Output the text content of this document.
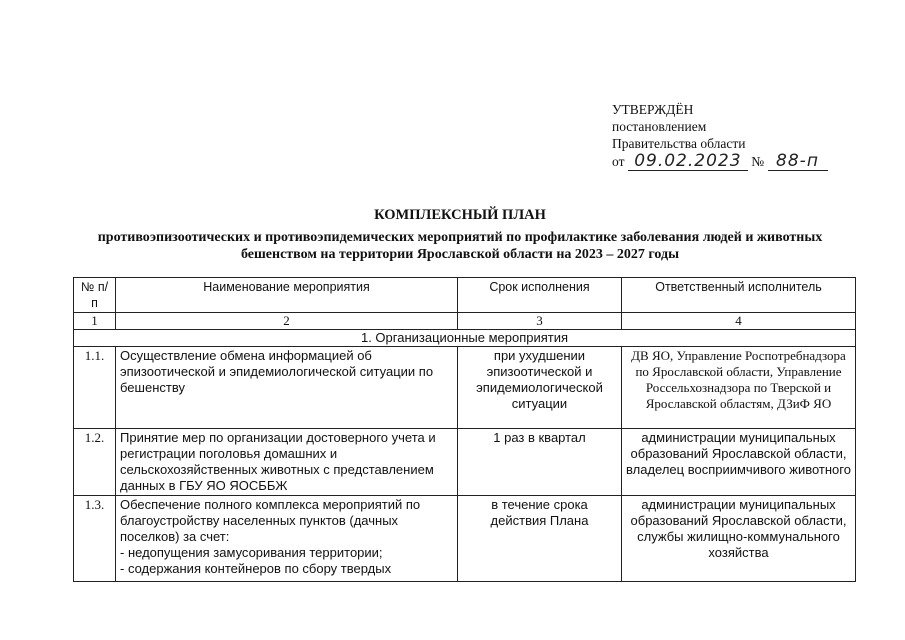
УТВЕРЖДЁН
постановлением
Правительства области
от 09.02.2023 № 88-п
КОМПЛЕКСНЫЙ ПЛАН
противоэпизоотических и противоэпидемических мероприятий по профилактике заболевания людей и животных
бешенством на территории Ярославской области на 2023 – 2027 годы
№ п/п	Наименование мероприятия	Срок исполнения	Ответственный исполнитель
1	2	3	4
1. Организационные мероприятия			
1.1.	Осуществление обмена информацией об эпизоотической и эпидемиологической ситуации по бешенству	при ухудшении эпизоотической и эпидемиологической ситуации	ДВ ЯО, Управление Роспотребнадзора по Ярославской области, Управление Россельхознадзора по Тверской и Ярославской областям, ДЗиФ ЯО
1.2.	Принятие мер по организации достоверного учета и регистрации поголовья домашних и сельскохозяйственных животных с представлением данных в ГБУ ЯО ЯОСББЖ	1 раз в квартал	администрации муниципальных образований Ярославской области, владелец восприимчивого животного
1.3.	Обеспечение полного комплекса мероприятий по благоустройству населенных пунктов (дачных поселков) за счет:
- недопущения замусоривания территории;
- содержания контейнеров по сбору твердых	в течение срока действия Плана	администрации муниципальных образований Ярославской области, службы жилищно-коммунального хозяйства
